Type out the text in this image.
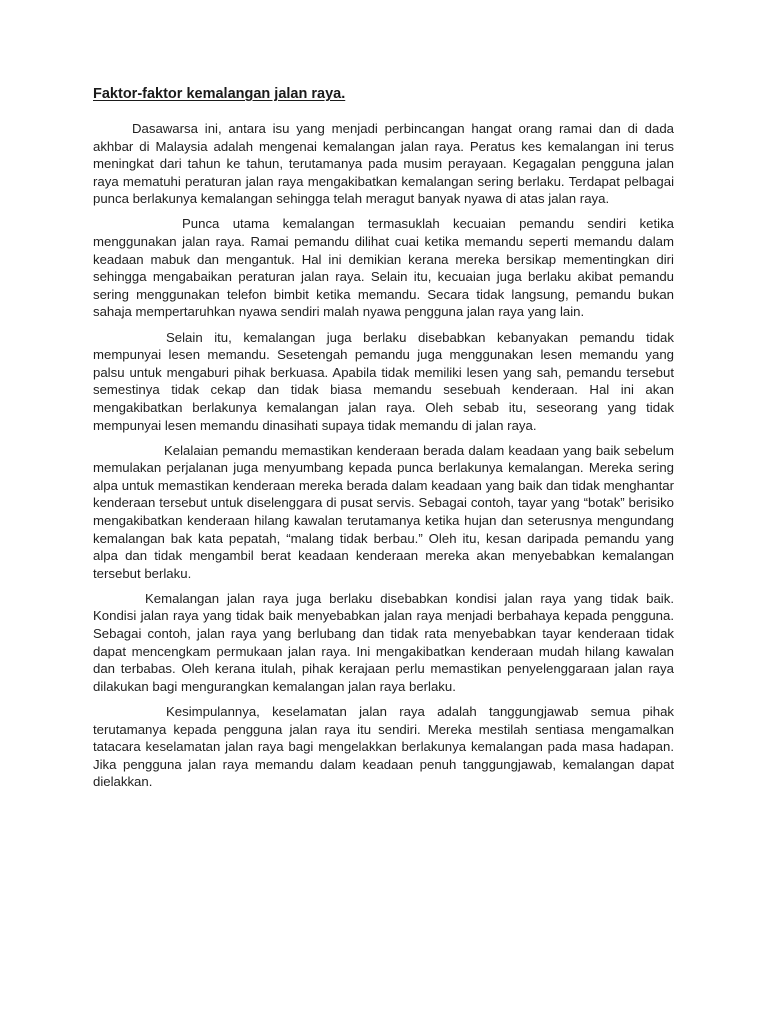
Faktor-faktor kemalangan jalan raya.

Dasawarsa ini, antara isu yang menjadi perbincangan hangat orang ramai dan di dada akhbar di Malaysia adalah mengenai kemalangan jalan raya. Peratus kes kemalangan ini terus meningkat dari tahun ke tahun, terutamanya pada musim perayaan. Kegagalan pengguna jalan raya mematuhi peraturan jalan raya mengakibatkan kemalangan sering berlaku. Terdapat pelbagai punca berlakunya kemalangan sehingga telah meragut banyak nyawa di atas jalan raya.

Punca utama kemalangan termasuklah kecuaian pemandu sendiri ketika menggunakan jalan raya. Ramai pemandu dilihat cuai ketika memandu seperti memandu dalam keadaan mabuk dan mengantuk. Hal ini demikian kerana mereka bersikap mementingkan diri sehingga mengabaikan peraturan jalan raya. Selain itu, kecuaian juga berlaku akibat pemandu sering menggunakan telefon bimbit ketika memandu. Secara tidak langsung, pemandu bukan sahaja mempertaruhkan nyawa sendiri malah nyawa pengguna jalan raya yang lain.

Selain itu, kemalangan juga berlaku disebabkan kebanyakan pemandu tidak mempunyai lesen memandu. Sesetengah pemandu juga menggunakan lesen memandu yang palsu untuk mengaburi pihak berkuasa. Apabila tidak memiliki lesen yang sah, pemandu tersebut semestinya tidak cekap dan tidak biasa memandu sesebuah kenderaan. Hal ini akan mengakibatkan berlakunya kemalangan jalan raya. Oleh sebab itu, seseorang yang tidak mempunyai lesen memandu dinasihati supaya tidak memandu di jalan raya.

Kelalaian pemandu memastikan kenderaan berada dalam keadaan yang baik sebelum memulakan perjalanan juga menyumbang kepada punca berlakunya kemalangan. Mereka sering alpa untuk memastikan kenderaan mereka berada dalam keadaan yang baik dan tidak menghantar kenderaan tersebut untuk diselenggara di pusat servis. Sebagai contoh, tayar yang “botak” berisiko mengakibatkan kenderaan hilang kawalan terutamanya ketika hujan dan seterusnya mengundang kemalangan bak kata pepatah, “malang tidak berbau.” Oleh itu, kesan daripada pemandu yang alpa dan tidak mengambil berat keadaan kenderaan mereka akan menyebabkan kemalangan tersebut berlaku.

Kemalangan jalan raya juga berlaku disebabkan kondisi jalan raya yang tidak baik. Kondisi jalan raya yang tidak baik menyebabkan jalan raya menjadi berbahaya kepada pengguna. Sebagai contoh, jalan raya yang berlubang dan tidak rata menyebabkan tayar kenderaan tidak dapat mencengkam permukaan jalan raya. Ini mengakibatkan kenderaan mudah hilang kawalan dan terbabas. Oleh kerana itulah, pihak kerajaan perlu memastikan penyelenggaraan jalan raya dilakukan bagi mengurangkan kemalangan jalan raya berlaku.

Kesimpulannya, keselamatan jalan raya adalah tanggungjawab semua pihak terutamanya kepada pengguna jalan raya itu sendiri. Mereka mestilah sentiasa mengamalkan tatacara keselamatan jalan raya bagi mengelakkan berlakunya kemalangan pada masa hadapan. Jika pengguna jalan raya memandu dalam keadaan penuh tanggungjawab, kemalangan dapat dielakkan.
